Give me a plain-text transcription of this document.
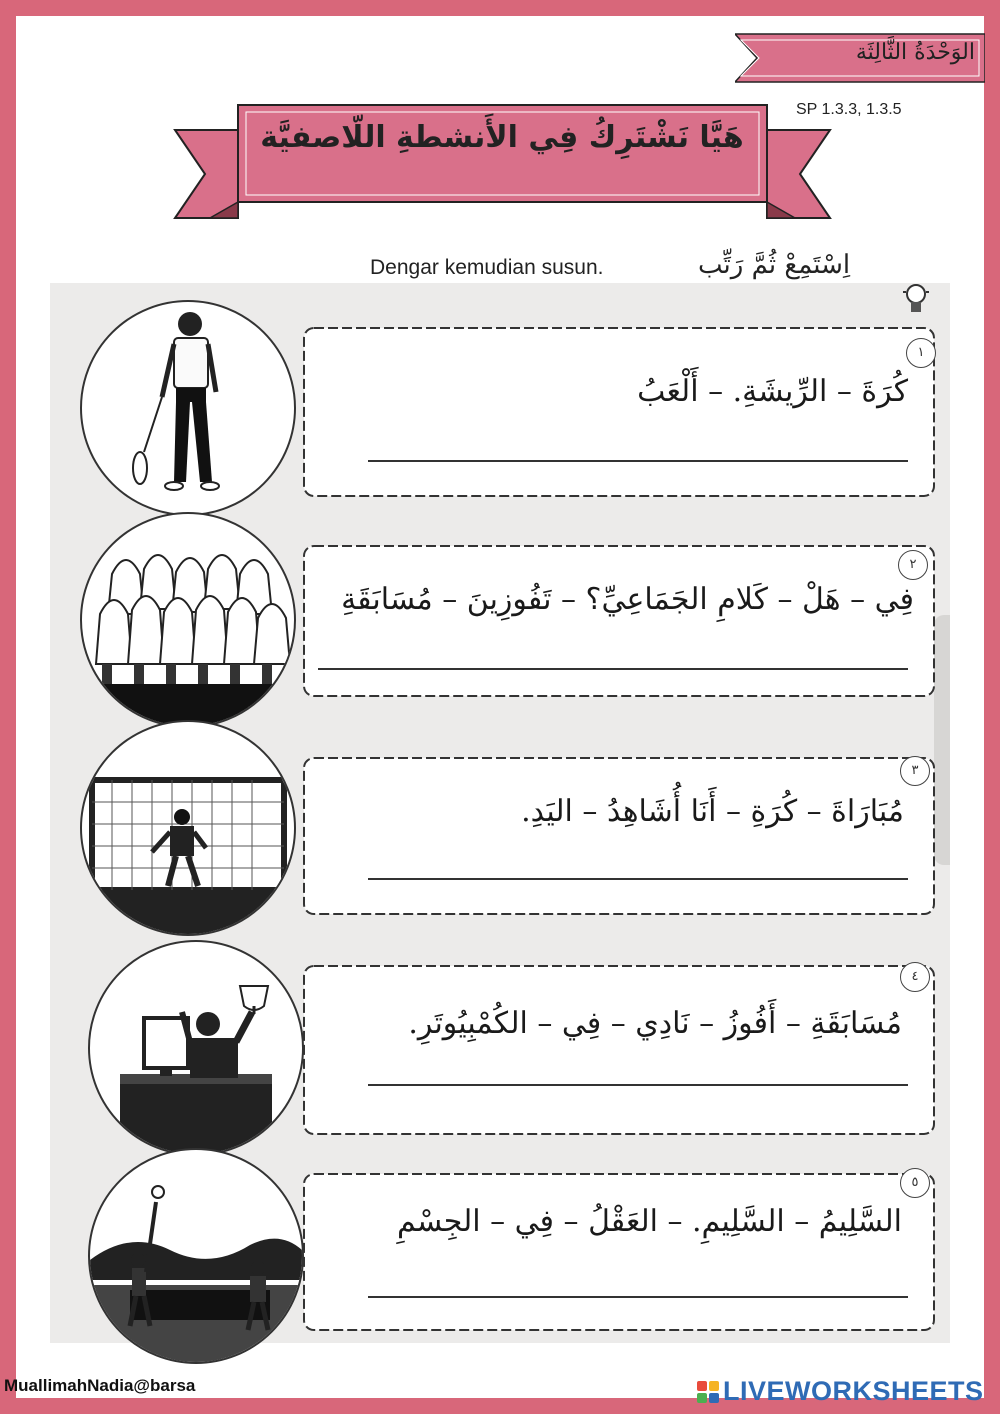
الوَحْدَةُ الثَّالِثَة
SP 1.3.3, 1.3.5
هَيَّا نَشْتَرِكُ فِي الأَنشطةِ اللّاصفيَّة
Dengar kemudian susun.	اِسْتَمِعْ ثُمَّ رَتِّب
١
كُرَةَ – الرِّيشَةِ. – أَلْعَبُ
٢
فِي – هَلْ – كَلامِ الجَمَاعِيِّ؟ – تَفُوزِينَ – مُسَابَقَةِ
٣
مُبَارَاةَ – كُرَةِ – أَنَا أُشَاهِدُ – اليَدِ.
٤
مُسَابَقَةِ – أَفُوزُ – نَادِي – فِي – الكُمْبِيُوتَرِ.
٥
السَّلِيمُ – السَّلِيمِ. – العَقْلُ – فِي – الجِسْمِ
MuallimahNadia@barsa	LIVEWORKSHEETS
